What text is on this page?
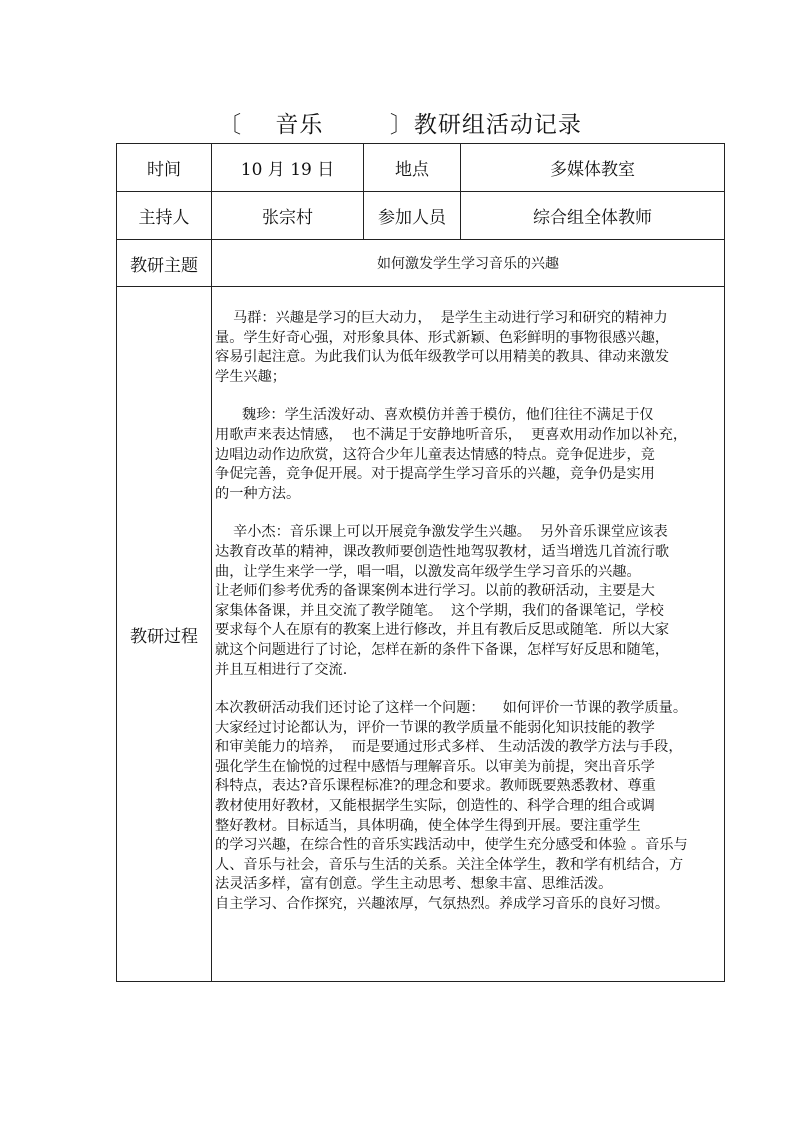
〔    音乐        〕教研组活动记录
时间	10 月 19 日	地点	多媒体教室
主持人	张宗村	参加人员	综合组全体教师
教研主题	如何激发学生学习音乐的兴趣
教研过程

马群：兴趣是学习的巨大动力，  是学生主动进行学习和研究的精神力
量。学生好奇心强，对形象具体、形式新颖、色彩鲜明的事物很感兴趣，
容易引起注意。为此我们认为低年级教学可以用精美的教具、律动来激发
学生兴趣；

魏珍：学生活泼好动、喜欢模仿并善于模仿，他们往往不满足于仅
用歌声来表达情感，  也不满足于安静地听音乐，  更喜欢用动作加以补充，
边唱边动作边欣赏，这符合少年儿童表达情感的特点。竞争促进步，竞
争促完善，竞争促开展。对于提高学生学习音乐的兴趣，竞争仍是实用
的一种方法。

辛小杰：音乐课上可以开展竞争激发学生兴趣。  另外音乐课堂应该表
达教育改革的精神，课改教师要创造性地驾驭教材，适当增选几首流行歌
曲，让学生来学一学，唱一唱，以激发高年级学生学习音乐的兴趣。
让老师们参考优秀的备课案例本进行学习。以前的教研活动，主要是大
家集体备课，并且交流了教学随笔。  这个学期，我们的备课笔记，学校
要求每个人在原有的教案上进行修改，并且有教后反思或随笔．所以大家
就这个问题进行了讨论，怎样在新的条件下备课，怎样写好反思和随笔，
并且互相进行了交流.

本次教研活动我们还讨论了这样一个问题：    如何评价一节课的教学质量。
大家经过讨论都认为，评价一节课的教学质量不能弱化知识技能的教学
和审美能力的培养，  而是要通过形式多样、 生动活泼的教学方法与手段，
强化学生在愉悦的过程中感悟与理解音乐。以审美为前提，突出音乐学
科特点，表达?音乐课程标准?的理念和要求。教师既要熟悉教材、尊重
教材使用好教材，又能根据学生实际，创造性的、科学合理的组合或调
整好教材。目标适当，具体明确，使全体学生得到开展。要注重学生
的学习兴趣，在综合性的音乐实践活动中，使学生充分感受和体验 。音乐与
人、音乐与社会，音乐与生活的关系。关注全体学生，教和学有机结合，方
法灵活多样，富有创意。学生主动思考、想象丰富、思维活泼。
自主学习、合作探究，兴趣浓厚，气氛热烈。养成学习音乐的良好习惯。
